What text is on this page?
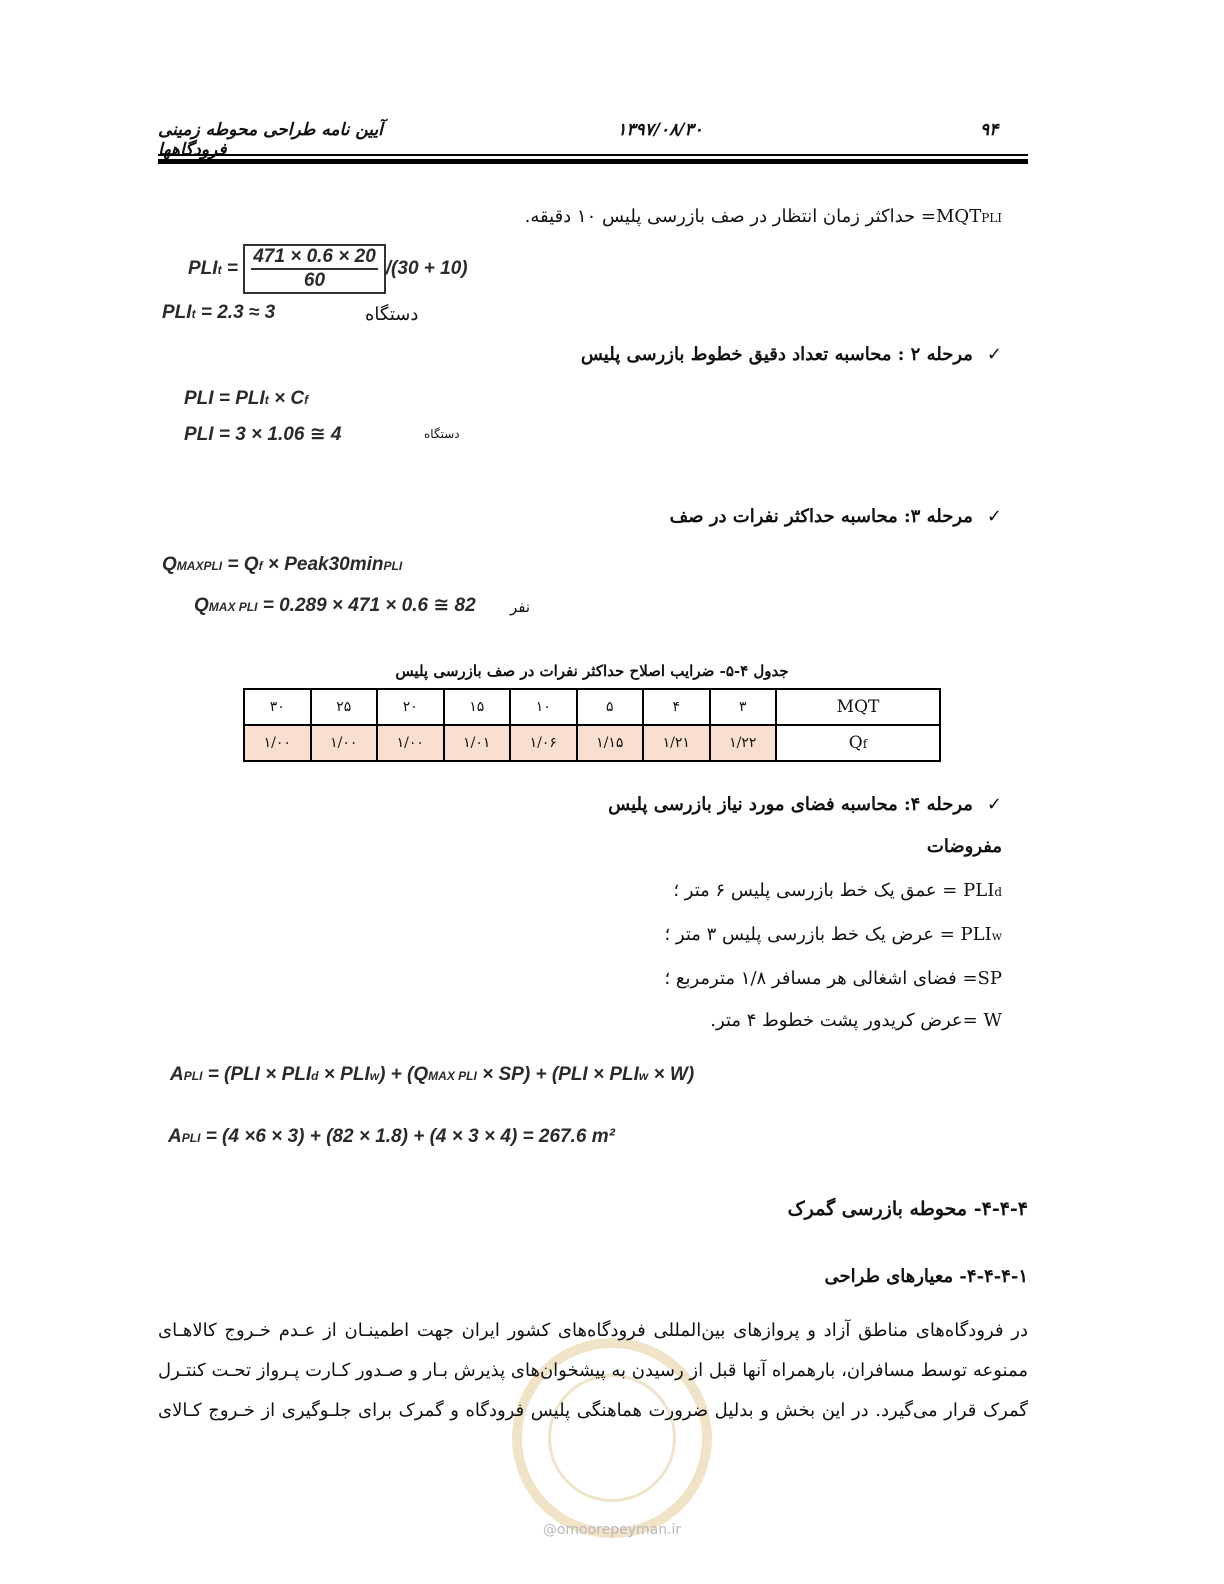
۹۴
۱۳۹۷/۰۸/۳۰
آیین نامه طراحی محوطه زمینی فرودگاهها
MQTPLI= حداکثر زمان انتظار در صف بازرسی پلیس ۱۰ دقیقه.
PLIt = $\frac{471 \times 0.6 \times 20}{60} /(30 + 10)$
PLIt = 2.3 ≈ 3	دستگاه
✓مرحله ۲ : محاسبه تعداد دقیق خطوط بازرسی پلیس
PLI = PLIt × Cf
PLI = 3 × 1.06 ≅ 4	دستگاه
✓مرحله ۳: محاسبه حداکثر نفرات در صف
QMAXPLI = Qf × Peak30minPLI
QMAX PLI = 0.289 × 471 × 0.6 ≅ 82 نفر
جدول ۴-۵- ضرایب اصلاح حداکثر نفرات در صف بازرسی پلیس
MQT	۳	۴	۵	۱۰	۱۵	۲۰	۲۵	۳۰
Qf	۱/۲۲	۱/۲۱	۱/۱۵	۱/۰۶	۱/۰۱	۱/۰۰	۱/۰۰	۱/۰۰
✓مرحله ۴: محاسبه فضای مورد نیاز بازرسی پلیس
مفروضات
PLId = عمق یک خط بازرسی پلیس ۶ متر ؛
PLIw = عرض یک خط بازرسی پلیس ۳ متر ؛
SP= فضای اشغالی هر مسافر ۱/۸ مترمربع ؛
W =عرض کریدور پشت خطوط ۴ متر.
APLI = (PLI × PLId × PLIw) + (QMAX PLI × SP) + (PLI × PLIw × W)
APLI = (4 ×6 × 3) + (82 × 1.8) + (4 × 3 × 4) = 267.6 m²
۴-۴-۴- محوطه بازرسی گمرک
۴-۴-۴-۱- معیارهای طراحی
در فرودگاه‌های مناطق آزاد و پروازهای بین‌المللی فرودگاه‌های کشور ایران جهت اطمینـان از عـدم خـروج کالاهـای
ممنوعه توسط مسافران، بارهمراه آنها قبل از رسیدن به پیشخوان‌های پذیرش بـار و صـدور کـارت پـرواز تحـت کنتـرل
گمرک قرار می‌گیرد. در این بخش و بدلیل ضرورت هماهنگی پلیس فرودگاه و گمرک برای جلـوگیری از خـروج کـالای
@omoorepeyman.ir
